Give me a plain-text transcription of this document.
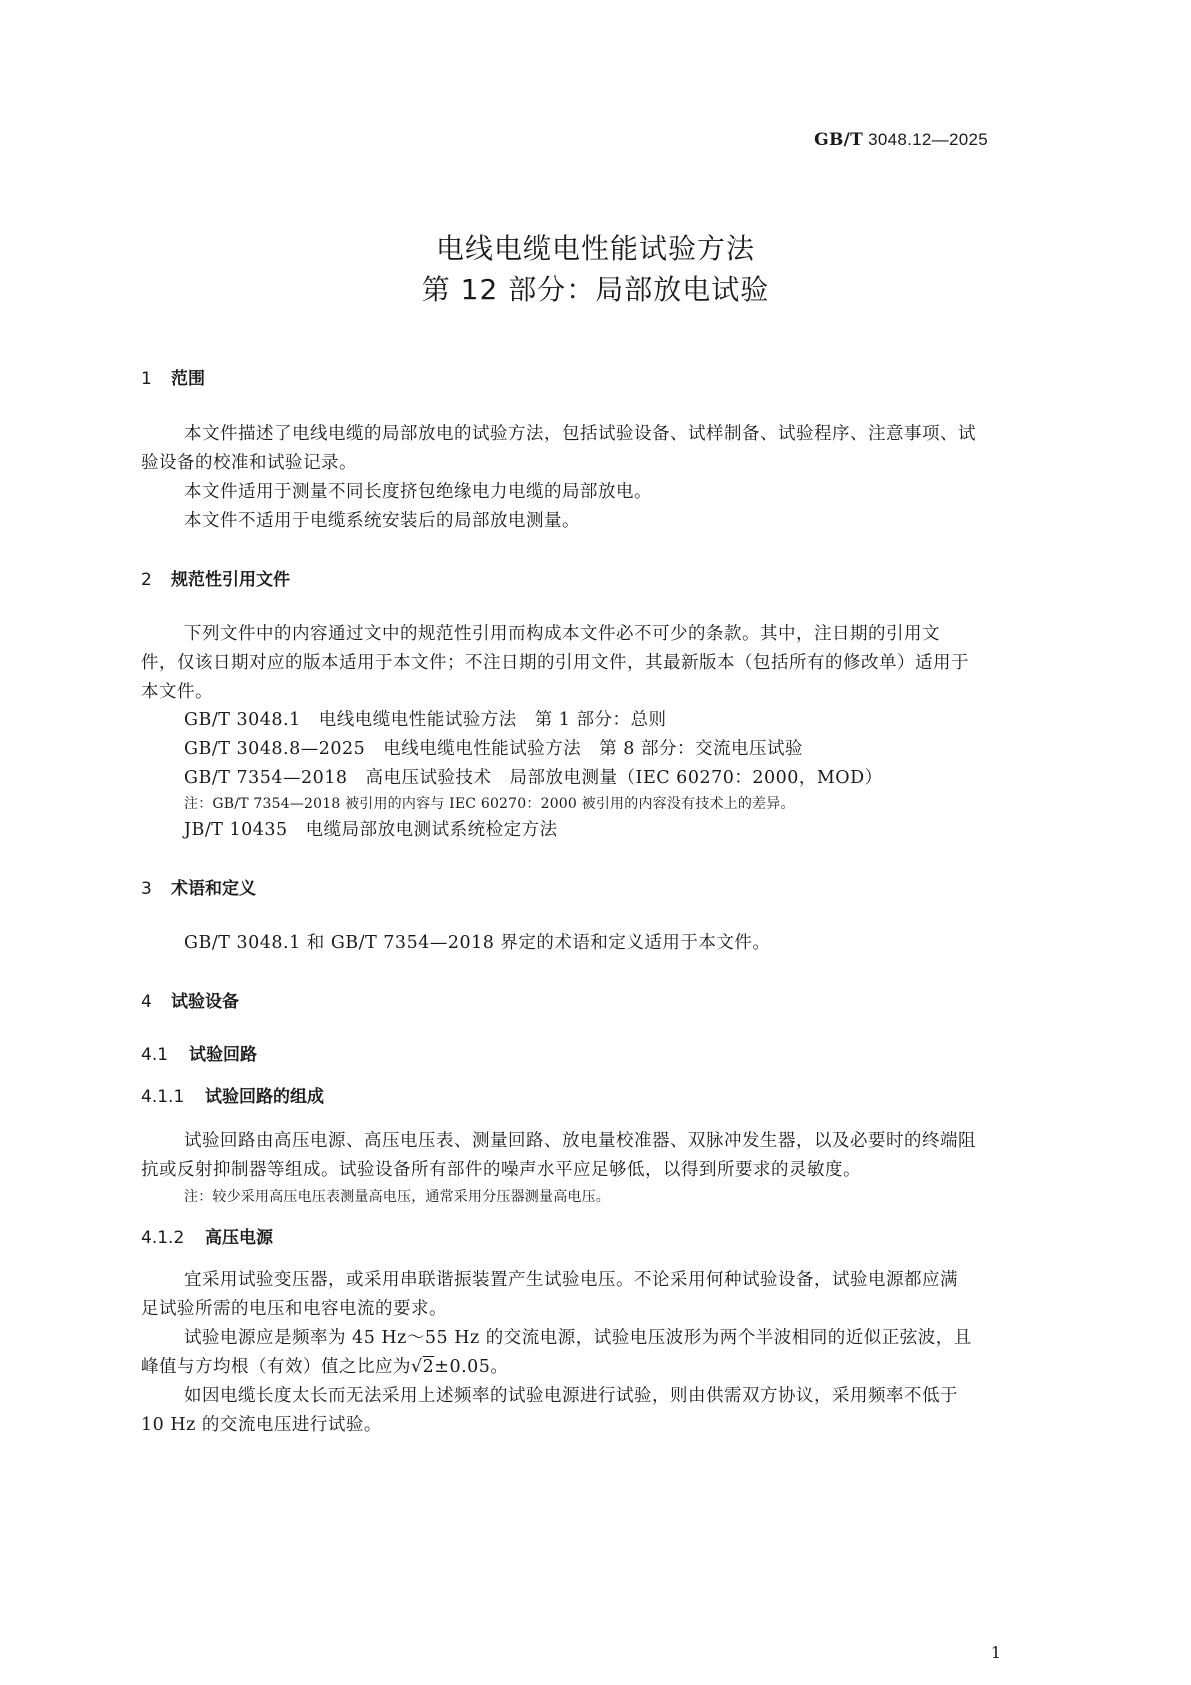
GB/T 3048.12—2025
电线电缆电性能试验方法
第 12 部分：局部放电试验
1 范围
本文件描述了电线电缆的局部放电的试验方法，包括试验设备、试样制备、试验程序、注意事项、试
验设备的校准和试验记录。
本文件适用于测量不同长度挤包绝缘电力电缆的局部放电。
本文件不适用于电缆系统安装后的局部放电测量。
2 规范性引用文件
下列文件中的内容通过文中的规范性引用而构成本文件必不可少的条款。其中，注日期的引用文
件，仅该日期对应的版本适用于本文件；不注日期的引用文件，其最新版本（包括所有的修改单）适用于
本文件。
GB/T 3048.1　电线电缆电性能试验方法　第 1 部分：总则
GB/T 3048.8—2025　电线电缆电性能试验方法　第 8 部分：交流电压试验
GB/T 7354—2018　高电压试验技术　局部放电测量（IEC 60270：2000，MOD）
注：GB/T 7354—2018 被引用的内容与 IEC 60270：2000 被引用的内容没有技术上的差异。
JB/T 10435　电缆局部放电测试系统检定方法
3 术语和定义
GB/T 3048.1 和 GB/T 7354—2018 界定的术语和定义适用于本文件。
4 试验设备
4.1 试验回路
4.1.1 试验回路的组成
试验回路由高压电源、高压电压表、测量回路、放电量校准器、双脉冲发生器，以及必要时的终端阻
抗或反射抑制器等组成。试验设备所有部件的噪声水平应足够低，以得到所要求的灵敏度。
注：较少采用高压电压表测量高电压，通常采用分压器测量高电压。
4.1.2 高压电源
宜采用试验变压器，或采用串联谐振装置产生试验电压。不论采用何种试验设备，试验电源都应满
足试验所需的电压和电容电流的要求。
试验电源应是频率为 45 Hz～55 Hz 的交流电源，试验电压波形为两个半波相同的近似正弦波，且
峰值与方均根（有效）值之比应为√2±0.05。
如因电缆长度太长而无法采用上述频率的试验电源进行试验，则由供需双方协议，采用频率不低于
10 Hz 的交流电压进行试验。
1
